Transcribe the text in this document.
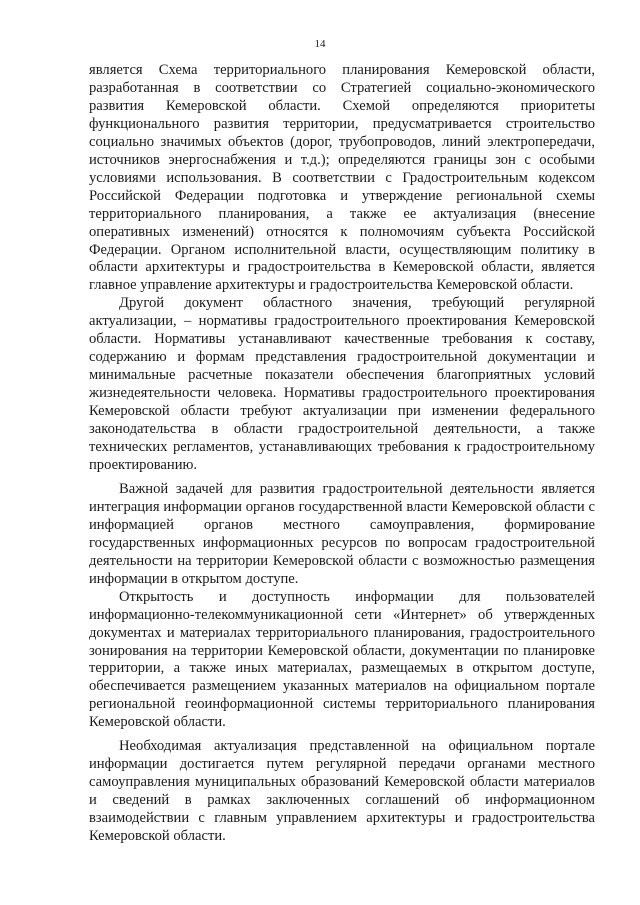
14

является Схема территориального планирования Кемеровской области, разработанная в соответствии со Стратегией социально-экономического развития Кемеровской области. Схемой определяются приоритеты функционального развития территории, предусматривается строительство социально значимых объектов (дорог, трубопроводов, линий электропередачи, источников энергоснабжения и т.д.); определяются границы зон с особыми условиями использования. В соответствии с Градостроительным кодексом Российской Федерации подготовка и утверждение региональной схемы территориального планирования, а также ее актуализация (внесение оперативных изменений) относятся к полномочиям субъекта Российской Федерации. Органом исполнительной власти, осуществляющим политику в области архитектуры и градостроительства в Кемеровской области, является главное управление архитектуры и градостроительства Кемеровской области.

Другой документ областного значения, требующий регулярной актуализации, – нормативы градостроительного проектирования Кемеровской области. Нормативы устанавливают качественные требования к составу, содержанию и формам представления градостроительной документации и минимальные расчетные показатели обеспечения благоприятных условий жизнедеятельности человека. Нормативы градостроительного проектирования Кемеровской области требуют актуализации при изменении федерального законодательства в области градостроительной деятельности, а также технических регламентов, устанавливающих требования к градостроительному проектированию.

Важной задачей для развития градостроительной деятельности является интеграция информации органов государственной власти Кемеровской области с информацией органов местного самоуправления, формирование государственных информационных ресурсов по вопросам градостроительной деятельности на территории Кемеровской области с возможностью размещения информации в открытом доступе.

Открытость и доступность информации для пользователей информационно-телекоммуникационной сети «Интернет» об утвержденных документах и материалах территориального планирования, градостроительного зонирования на территории Кемеровской области, документации по планировке территории, а также иных материалах, размещаемых в открытом доступе, обеспечивается размещением указанных материалов на официальном портале региональной геоинформационной системы территориального планирования Кемеровской области.

Необходимая актуализация представленной на официальном портале информации достигается путем регулярной передачи органами местного самоуправления муниципальных образований Кемеровской области материалов и сведений в рамках заключенных соглашений об информационном взаимодействии с главным управлением архитектуры и градостроительства Кемеровской области.
